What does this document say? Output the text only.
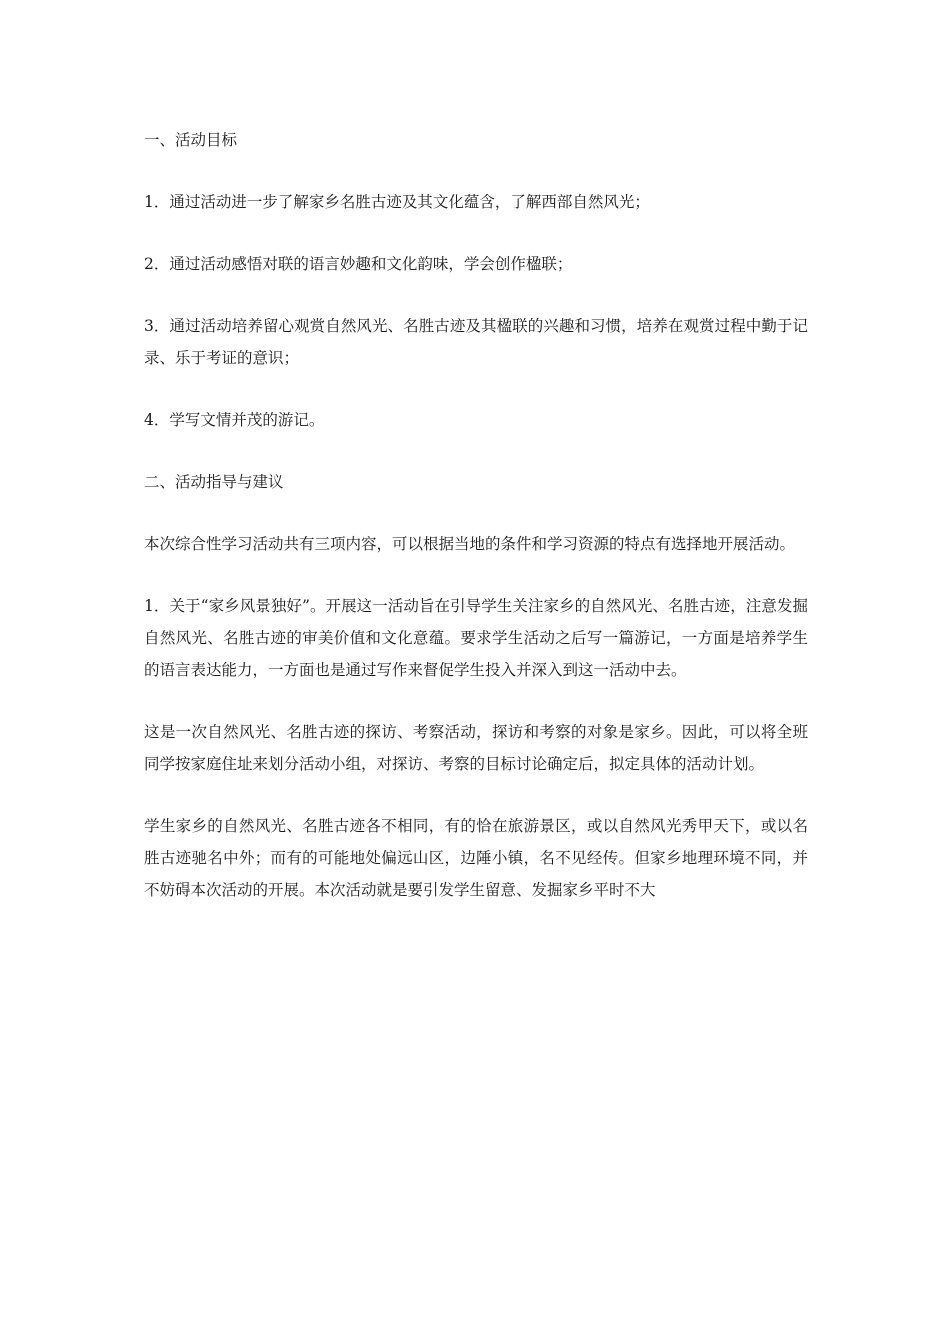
一、活动目标

1．通过活动进一步了解家乡名胜古迹及其文化蕴含，了解西部自然风光；

2．通过活动感悟对联的语言妙趣和文化韵味，学会创作楹联；

3．通过活动培养留心观赏自然风光、名胜古迹及其楹联的兴趣和习惯，培养在观赏过程中勤于记录、乐于考证的意识；

4．学写文情并茂的游记。

二、活动指导与建议

本次综合性学习活动共有三项内容，可以根据当地的条件和学习资源的特点有选择地开展活动。

1．关于“家乡风景独好”。开展这一活动旨在引导学生关注家乡的自然风光、名胜古迹，注意发掘自然风光、名胜古迹的审美价值和文化意蕴。要求学生活动之后写一篇游记，一方面是培养学生的语言表达能力，一方面也是通过写作来督促学生投入并深入到这一活动中去。

这是一次自然风光、名胜古迹的探访、考察活动，探访和考察的对象是家乡。因此，可以将全班同学按家庭住址来划分活动小组，对探访、考察的目标讨论确定后，拟定具体的活动计划。

学生家乡的自然风光、名胜古迹各不相同，有的恰在旅游景区，或以自然风光秀甲天下，或以名胜古迹驰名中外；而有的可能地处偏远山区，边陲小镇，名不见经传。但家乡地理环境不同，并不妨碍本次活动的开展。本次活动就是要引发学生留意、发掘家乡平时不大
